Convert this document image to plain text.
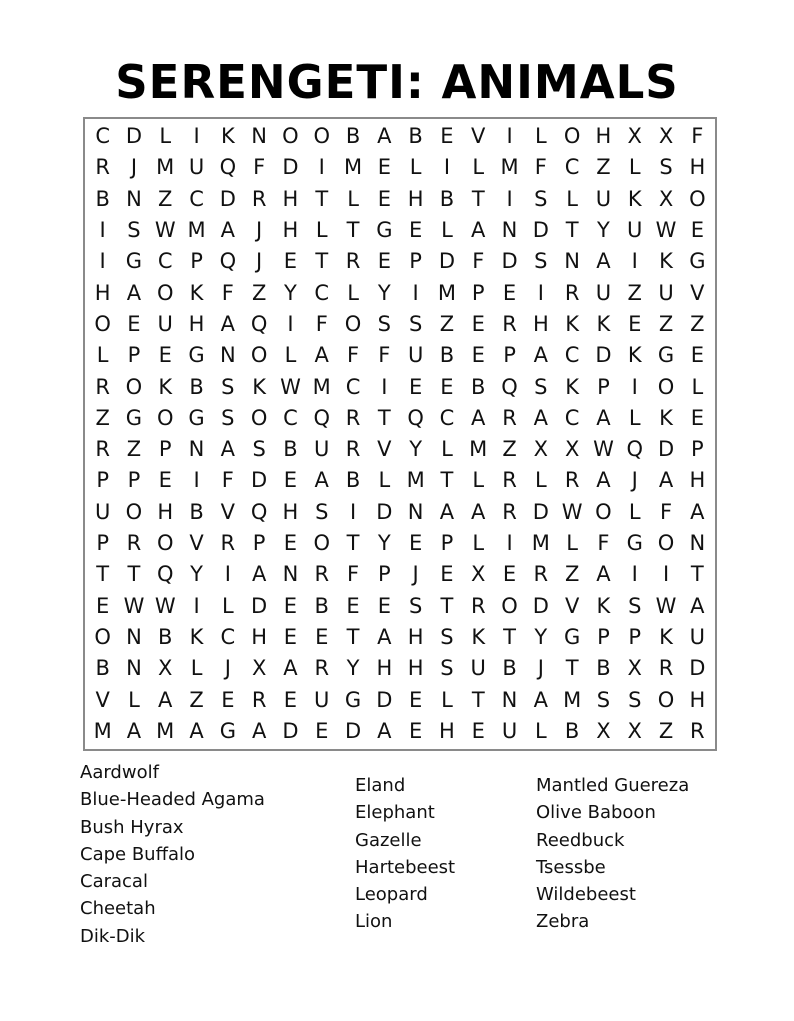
SERENGETI: ANIMALS
C D L	I	K N O O B A B E V	I	L O H X X F
R J M U Q F D I M E L	I	L M F C Z L S H
B N Z C D R H T L E H B T	I	S L U K X O
I	S W M A	J H L T G E L A N D T Y U W E
I G C P Q J	E T R E P D F D S N A	I	K G
H A O K F Z Y C L Y	I M P E	I R U Z U V
O E U H A Q I	F O S S Z E R H K K E Z Z
L P E G N O L A F F U B E P A C D K G E
R O K B S K W M C I	E E B Q S K P	I O L
Z G O G S O C Q R T Q C A R A C A L K E
R Z P N A S B U R V Y L M Z X X W Q D P
P P E	I	F D E A B L M T L R L R A	J	A H
U O H B V Q H S	I D N A A R D W O L F A
P R O V R P E O T Y E P L	I M L F G O N
T T Q Y	I	A N R F P	J	E X E R Z A	I	I	T
E W W I	L D E B E E S T R O D V K S W A
O N B K C H E E T A H S K T Y G P P K U
B N X L	J	X A R Y H H S U B J	T B X R D
V L A Z E R E U G D E L T N A M S S O H
M A M A G A D E D A E H E U L B X X Z R
Aardwolf
Blue-Headed Agama
Bush Hyrax
Cape Buffalo
Caracal
Cheetah
Dik-Dik
Eland
Elephant
Gazelle
Hartebeest
Leopard
Lion
Mantled Guereza
Olive Baboon
Reedbuck
Tsessbe
Wildebeest
Zebra
